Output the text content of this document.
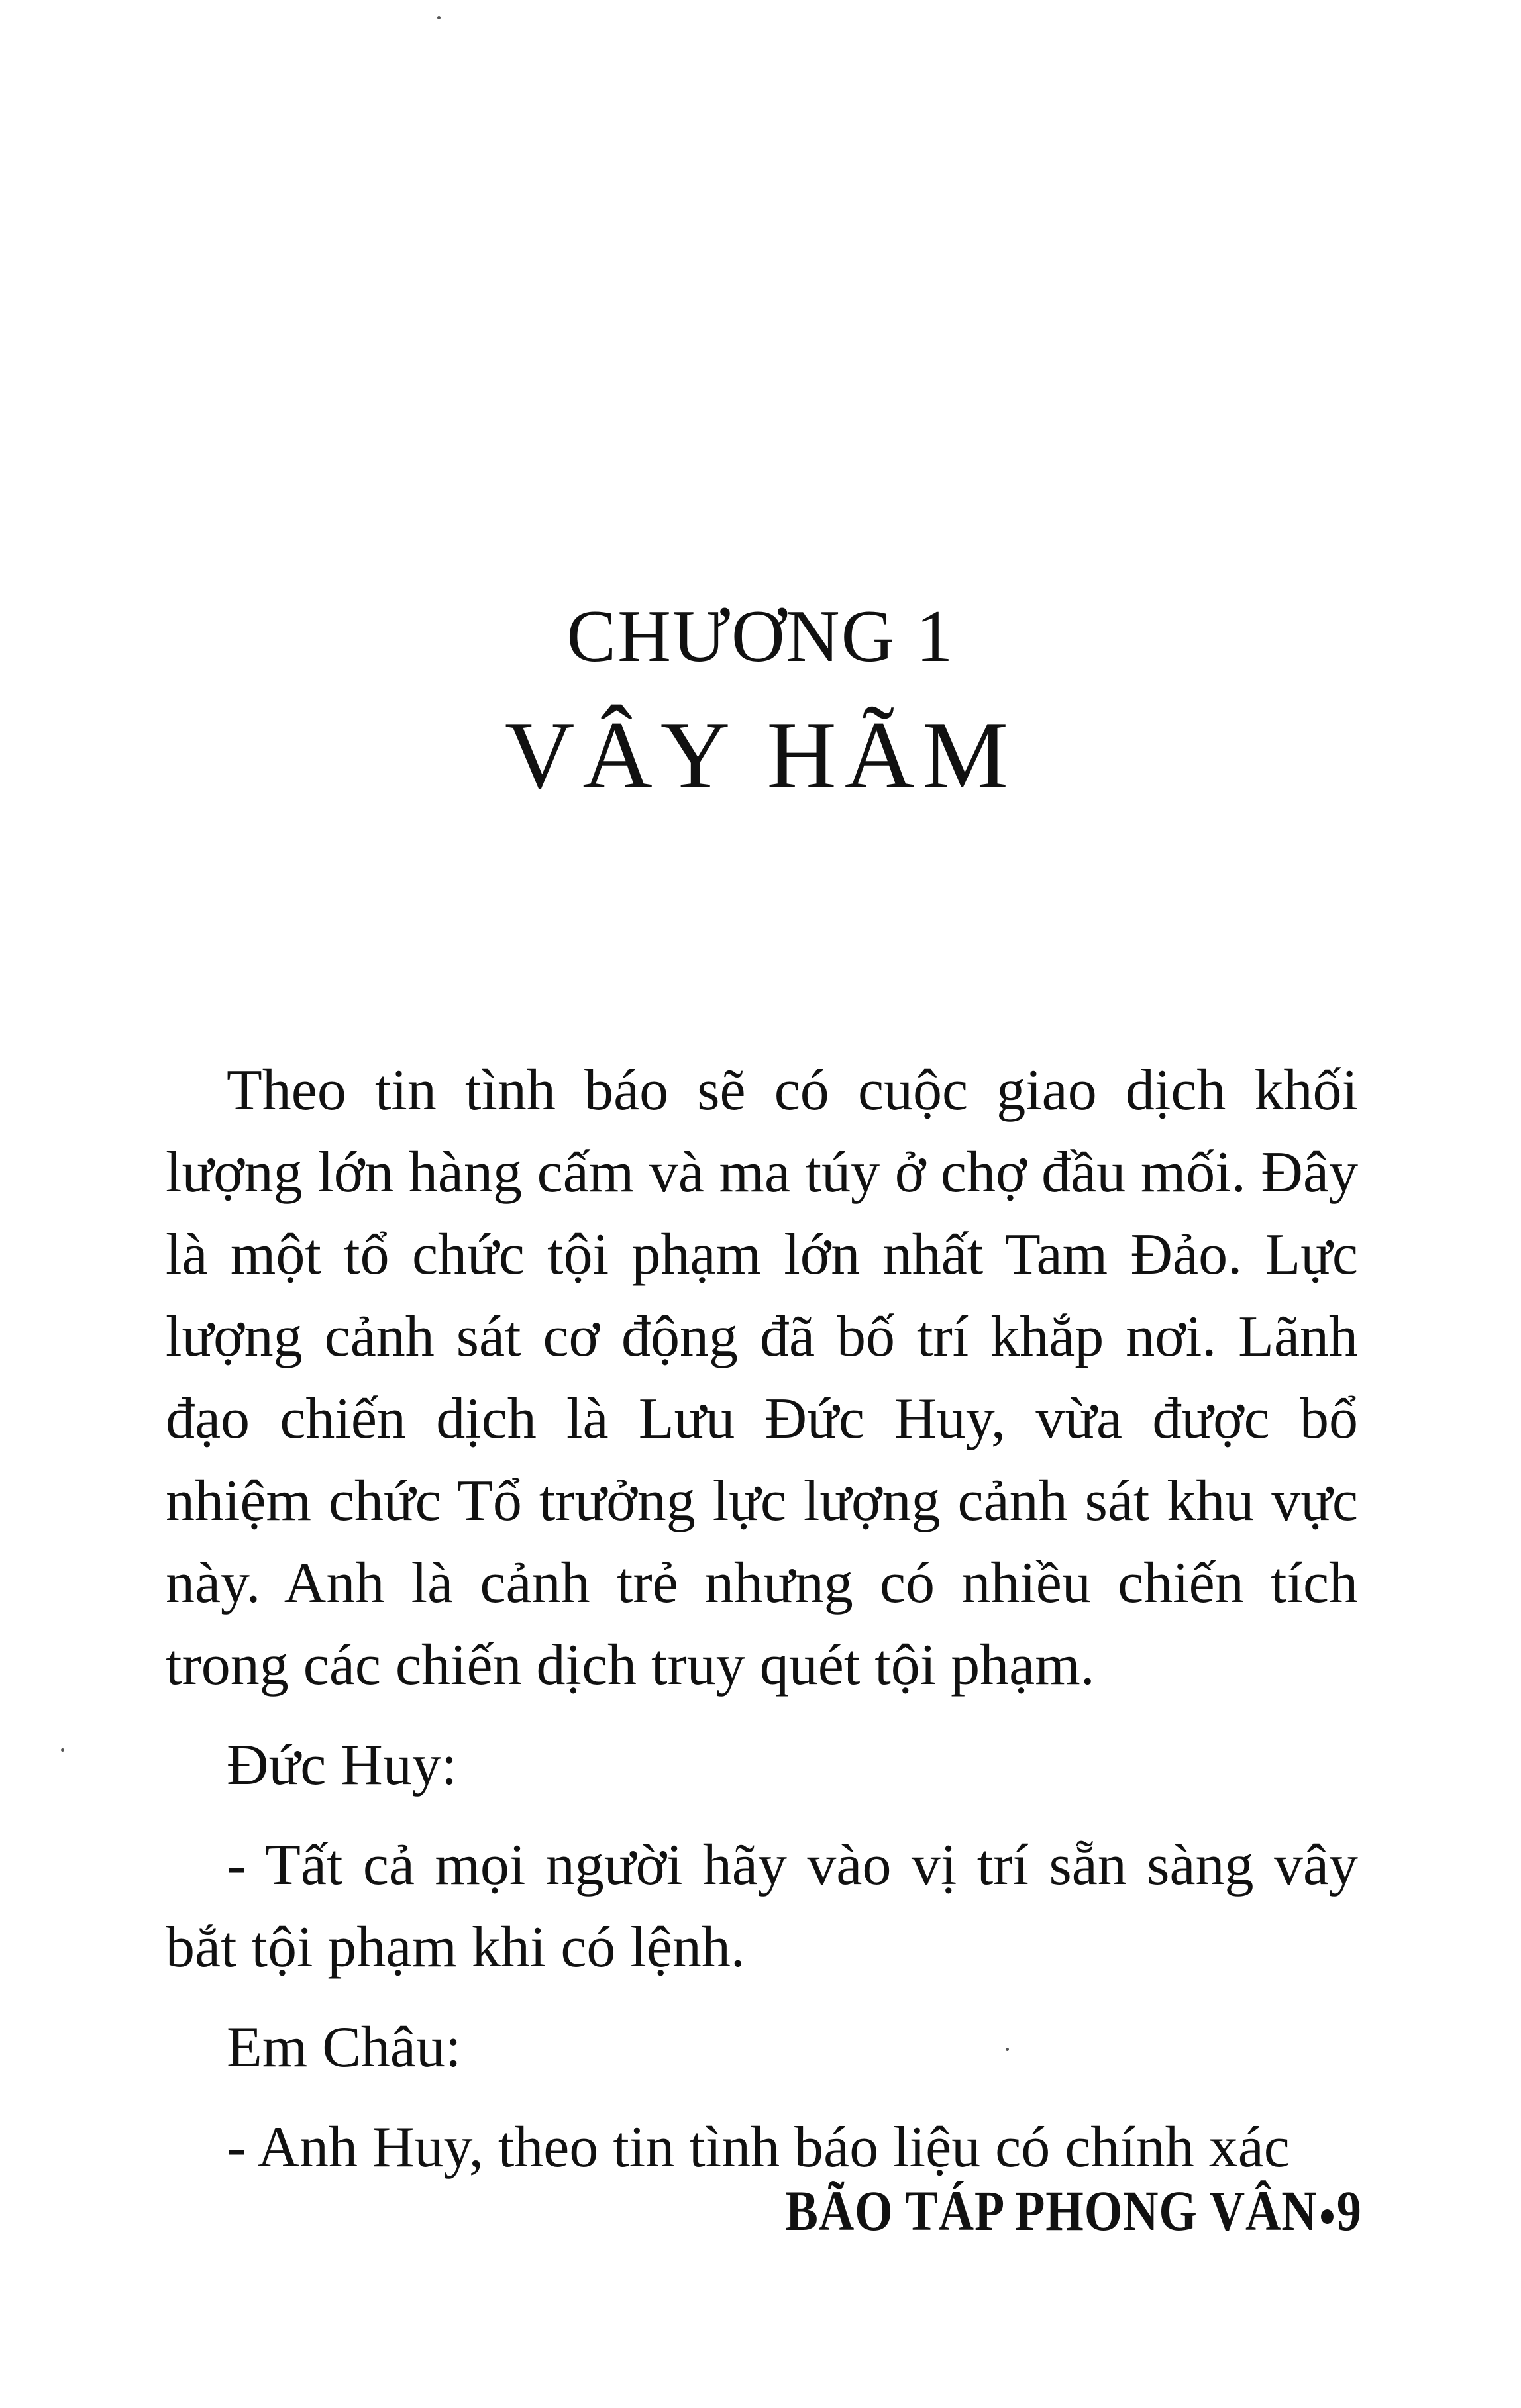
CHƯƠNG 1
VÂY HÃM

Theo tin tình báo sẽ có cuộc giao dịch khối lượng lớn hàng cấm và ma túy ở chợ đầu mối. Đây là một tổ chức tội phạm lớn nhất Tam Đảo. Lực lượng cảnh sát cơ động đã bố trí khắp nơi. Lãnh đạo chiến dịch là Lưu Đức Huy, vừa được bổ nhiệm chức Tổ trưởng lực lượng cảnh sát khu vực này. Anh là cảnh trẻ nhưng có nhiều chiến tích trong các chiến dịch truy quét tội phạm.

Đức Huy:

- Tất cả mọi người hãy vào vị trí sẵn sàng vây bắt tội phạm khi có lệnh.

Em Châu:

- Anh Huy, theo tin tình báo liệu có chính xác

BÃO TÁP PHONG VÂN 9
